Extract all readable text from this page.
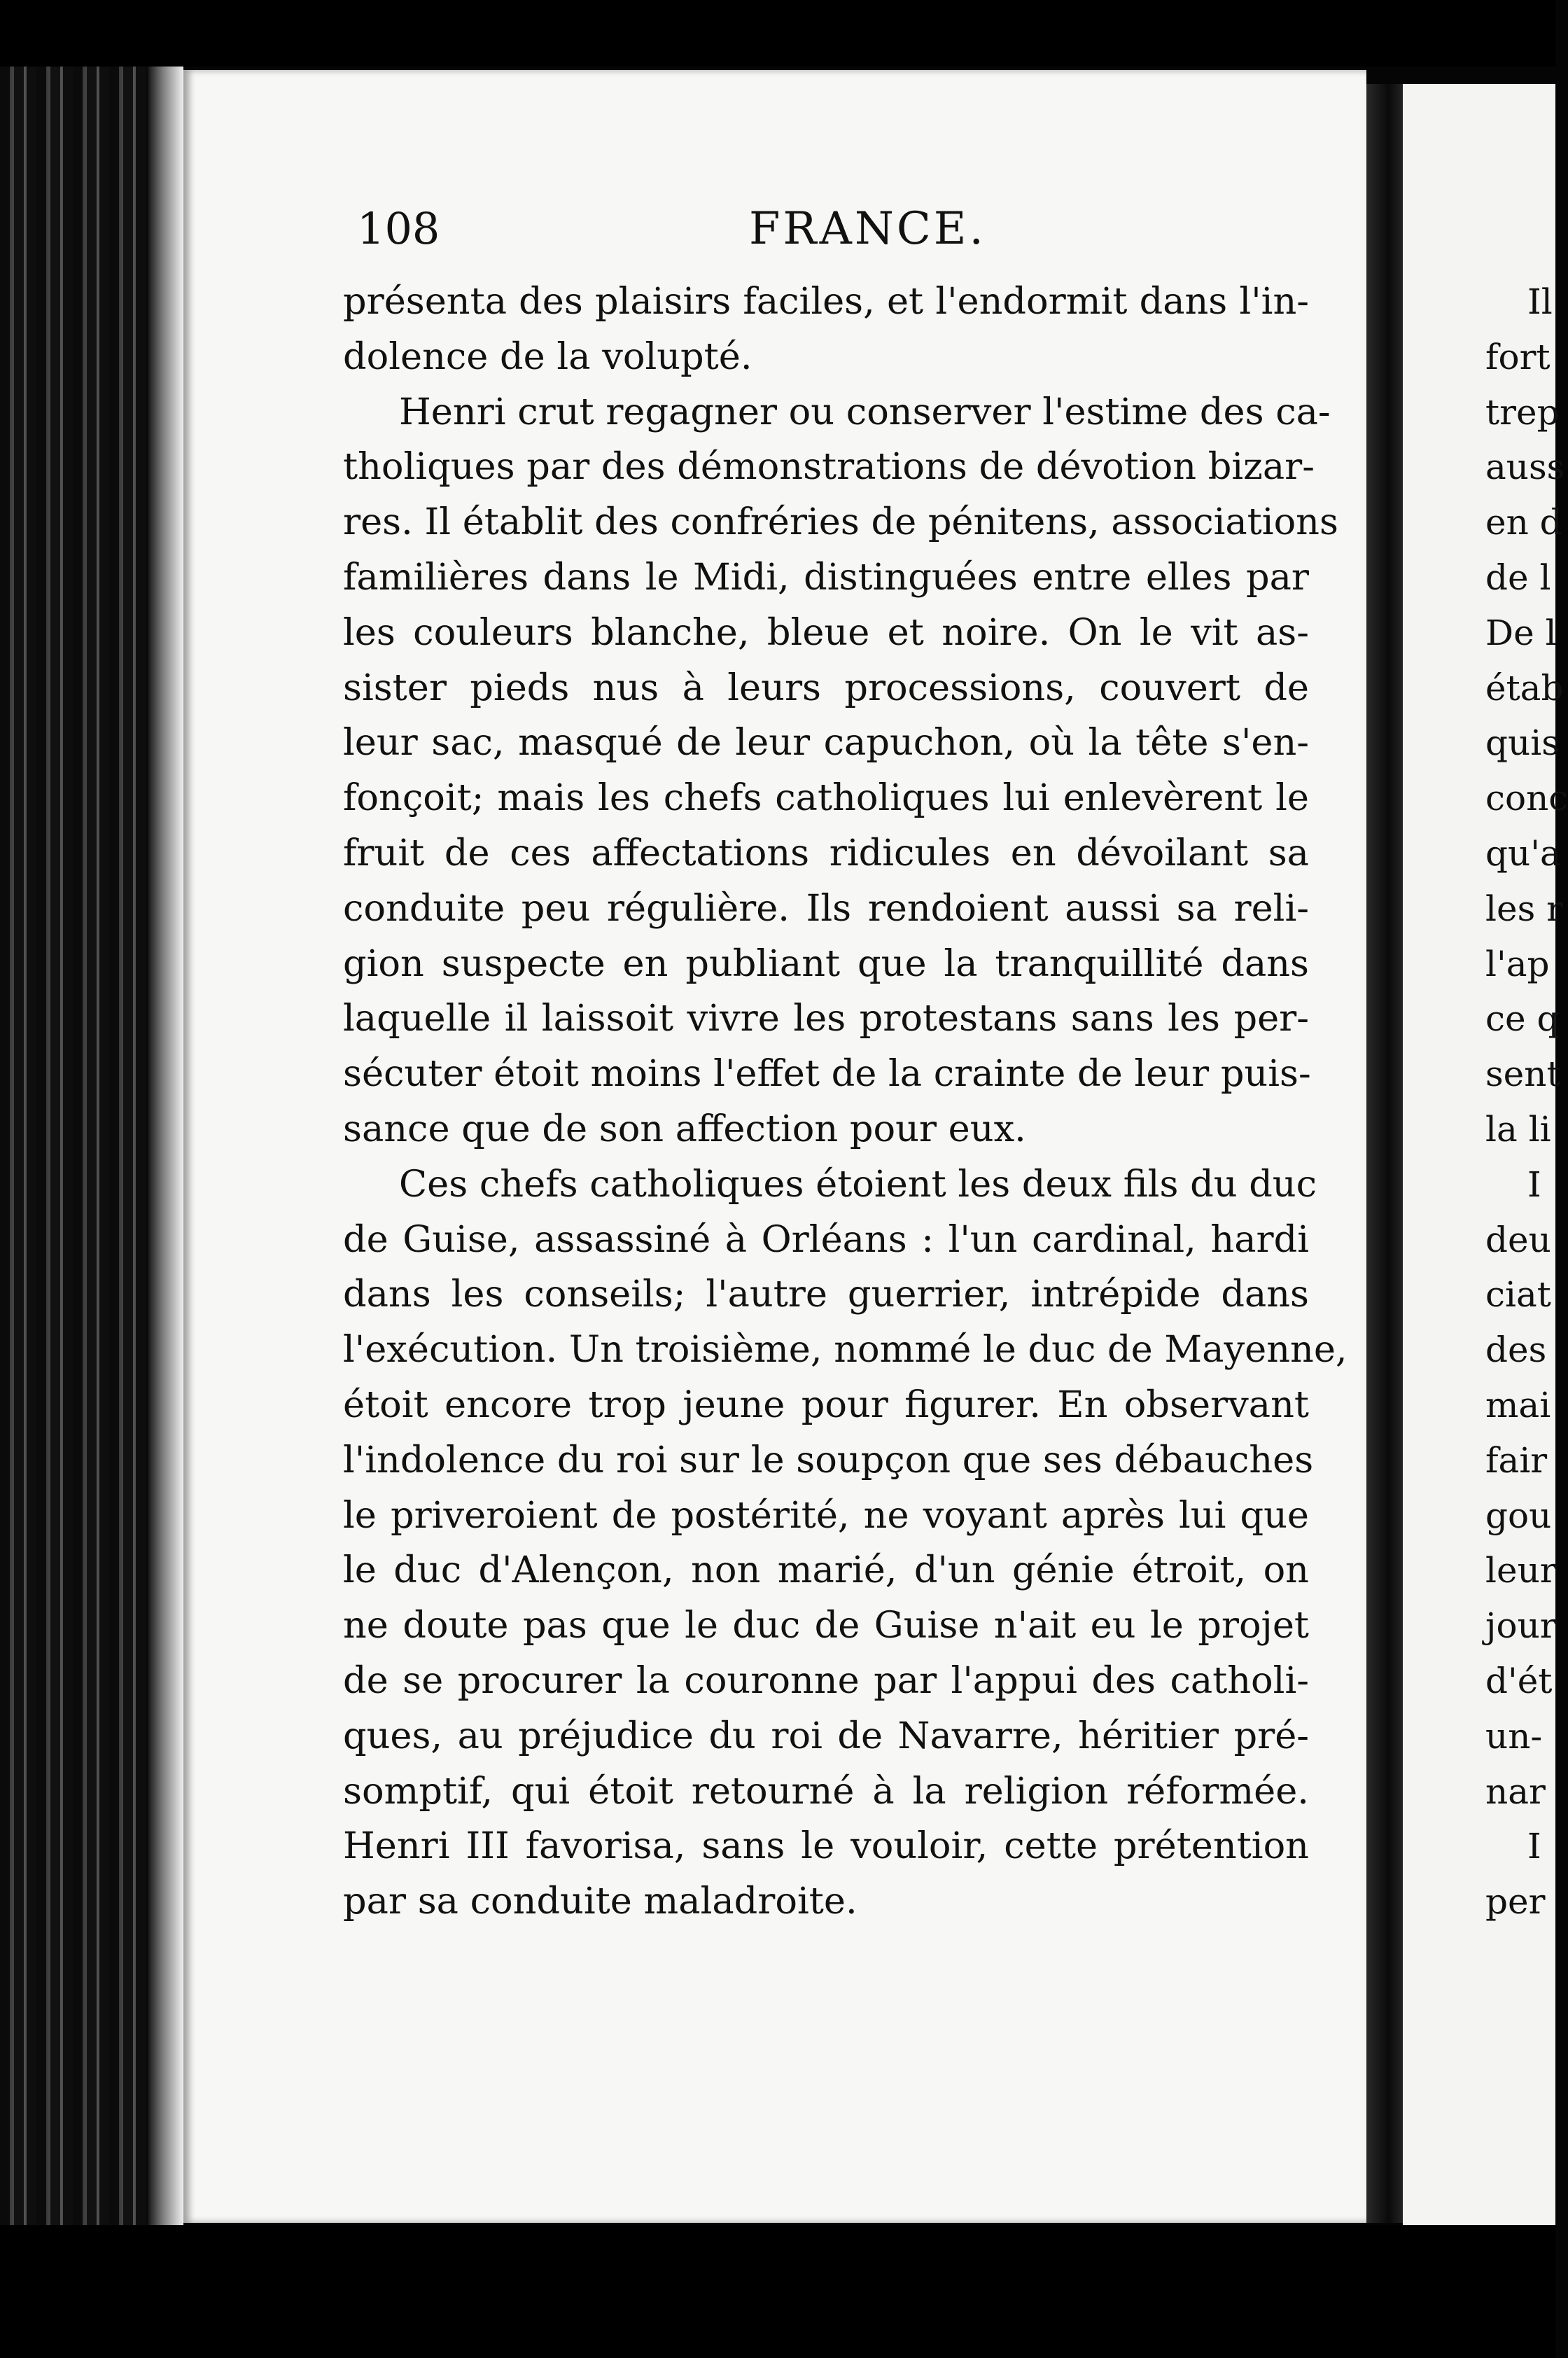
108	FRANCE.
présenta des plaisirs faciles, et l'endormit dans l'in-
dolence de la volupté.
Henri crut regagner ou conserver l'estime des ca-
tholiques par des démonstrations de dévotion bizar-
res. Il établit des confréries de pénitens, associations
familières dans le Midi, distinguées entre elles par
les couleurs blanche, bleue et noire. On le vit as-
sister pieds nus à leurs processions, couvert de
leur sac, masqué de leur capuchon, où la tête s'en-
fonçoit; mais les chefs catholiques lui enlevèrent le
fruit de ces affectations ridicules en dévoilant sa
conduite peu régulière. Ils rendoient aussi sa reli-
gion suspecte en publiant que la tranquillité dans
laquelle il laissoit vivre les protestans sans les per-
sécuter étoit moins l'effet de la crainte de leur puis-
sance que de son affection pour eux.
Ces chefs catholiques étoient les deux fils du duc
de Guise, assassiné à Orléans : l'un cardinal, hardi
dans les conseils; l'autre guerrier, intrépide dans
l'exécution. Un troisième, nommé le duc de Mayenne,
étoit encore trop jeune pour figurer. En observant
l'indolence du roi sur le soupçon que ses débauches
le priveroient de postérité, ne voyant après lui que
le duc d'Alençon, non marié, d'un génie étroit, on
ne doute pas que le duc de Guise n'ait eu le projet
de se procurer la couronne par l'appui des catholi-
ques, au préjudice du roi de Navarre, héritier pré-
somptif, qui étoit retourné à la religion réformée.
Henri III favorisa, sans le vouloir, cette prétention
par sa conduite maladroite.
Il
fort
trep
auss
en d
de l
De l
étab
quis
conc
qu'a
les r
l'ap
ce q
sent
la li
I
deu
ciat
des
mai
fair
gou
leur
jour
d'ét
un-
nar
I
per
